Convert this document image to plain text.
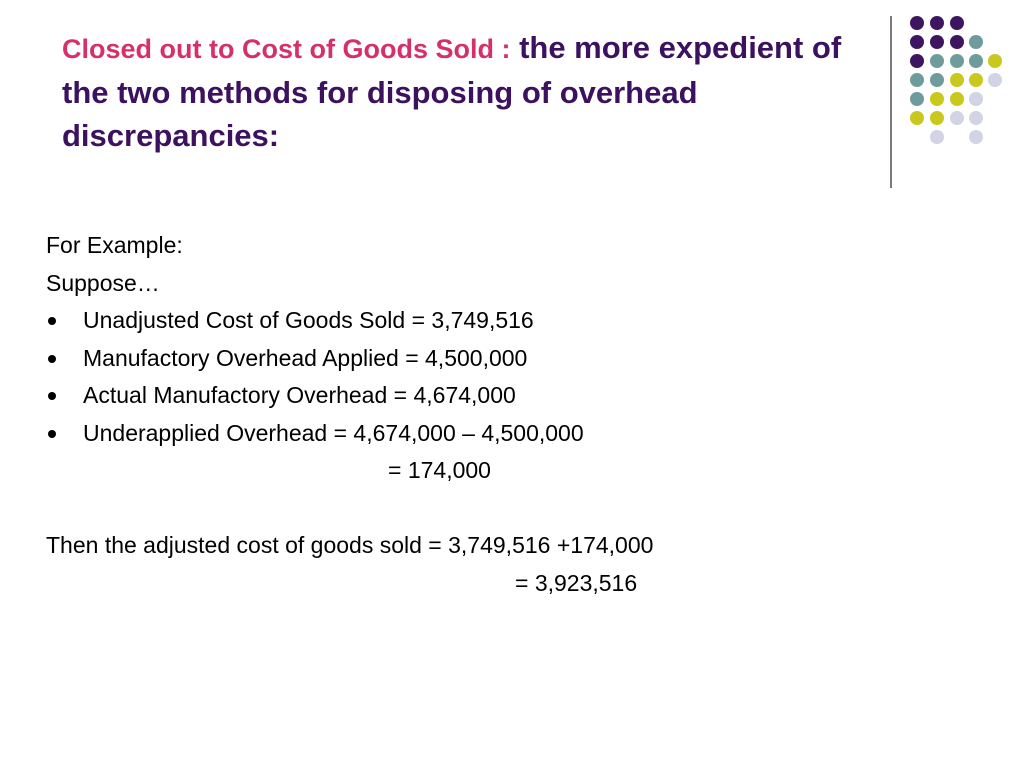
Closed out to Cost of Goods Sold : the more expedient of the two methods for disposing of overhead discrepancies:
For Example:
Suppose…
Unadjusted Cost of Goods Sold = 3,749,516
Manufactory Overhead Applied = 4,500,000
Actual Manufactory Overhead = 4,674,000
Underapplied Overhead = 4,674,000 – 4,500,000
= 174,000
Then the adjusted cost of goods sold = 3,749,516 +174,000
= 3,923,516
